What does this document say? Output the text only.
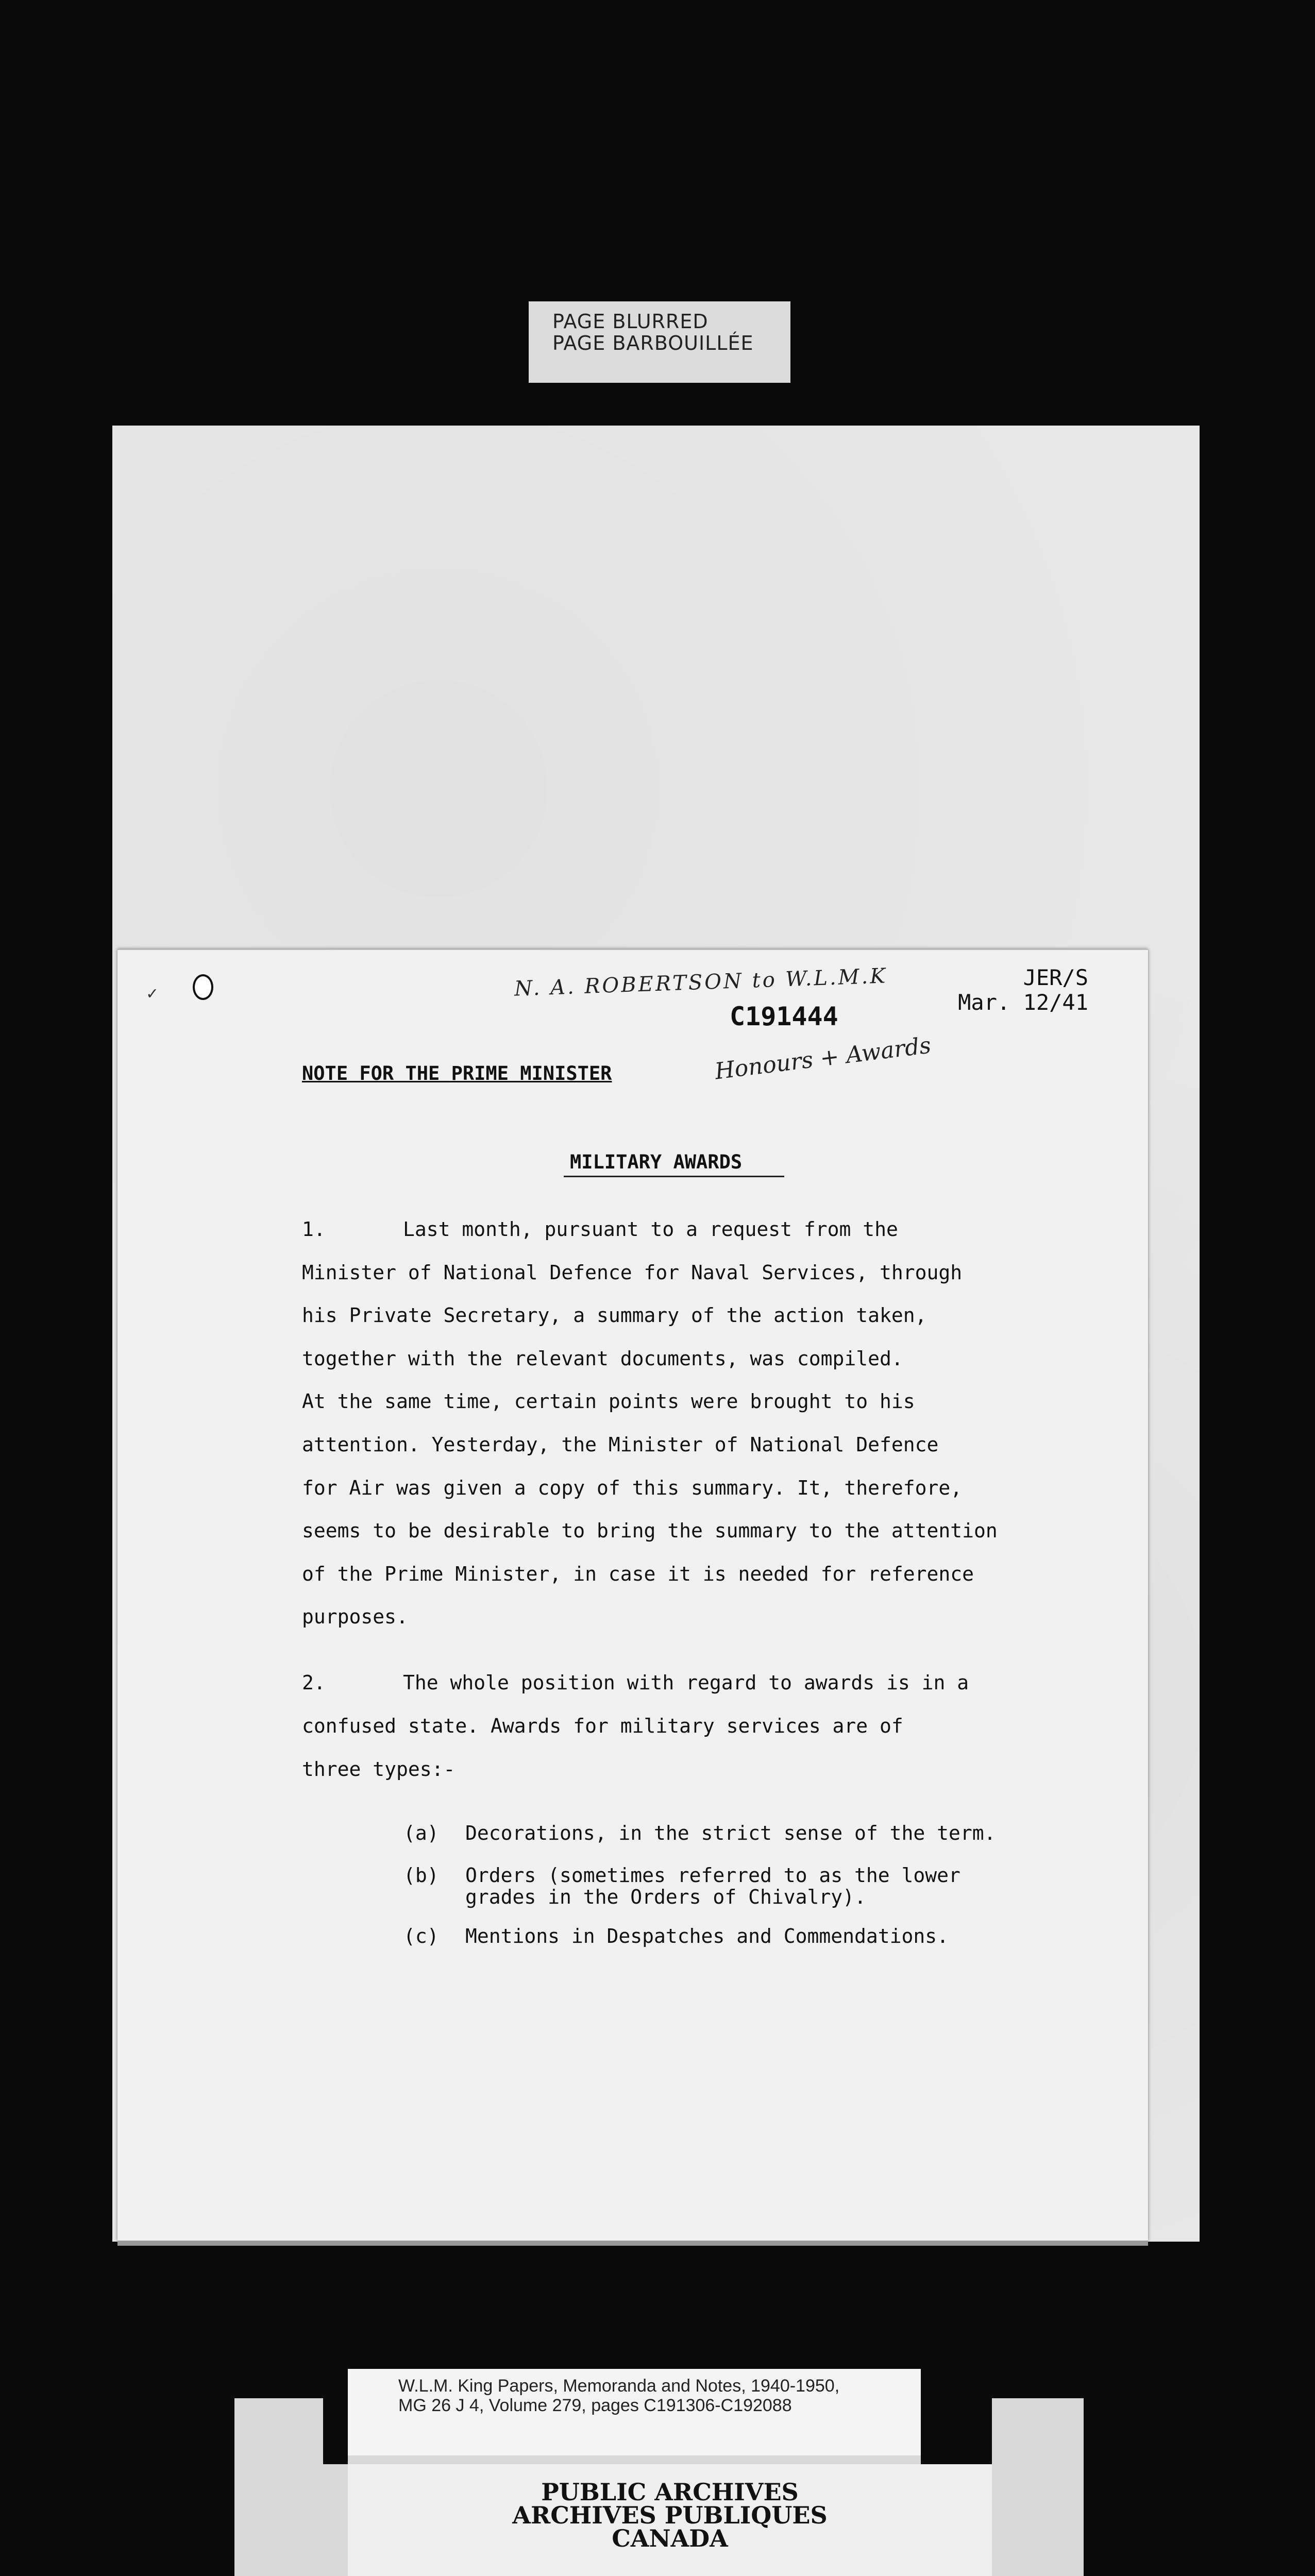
PAGE BLURRED
PAGE BARBOUILLÉE
✓	N. A. ROBERTSON to W.L.M.K
C191444
Honours + Awards
JER/S
Mar. 12/41
NOTE FOR THE PRIME MINISTER
MILITARY AWARDS
1.	Last month, pursuant to a request from the
Minister of National Defence for Naval Services, through
his Private Secretary, a summary of the action taken,
together with the relevant documents, was compiled.
At the same time, certain points were brought to his
attention. Yesterday, the Minister of National Defence
for Air was given a copy of this summary. It, therefore,
seems to be desirable to bring the summary to the attention
of the Prime Minister, in case it is needed for reference
purposes.
2.	The whole position with regard to awards is in a
confused state. Awards for military services are of
three types:-
(a) Decorations, in the strict sense of the term.
(b) Orders (sometimes referred to as the lower
grades in the Orders of Chivalry).
(c) Mentions in Despatches and Commendations.
W.L.M. King Papers, Memoranda and Notes, 1940-1950,
MG 26 J 4, Volume 279, pages C191306-C192088
PUBLIC ARCHIVES
ARCHIVES PUBLIQUES
CANADA
